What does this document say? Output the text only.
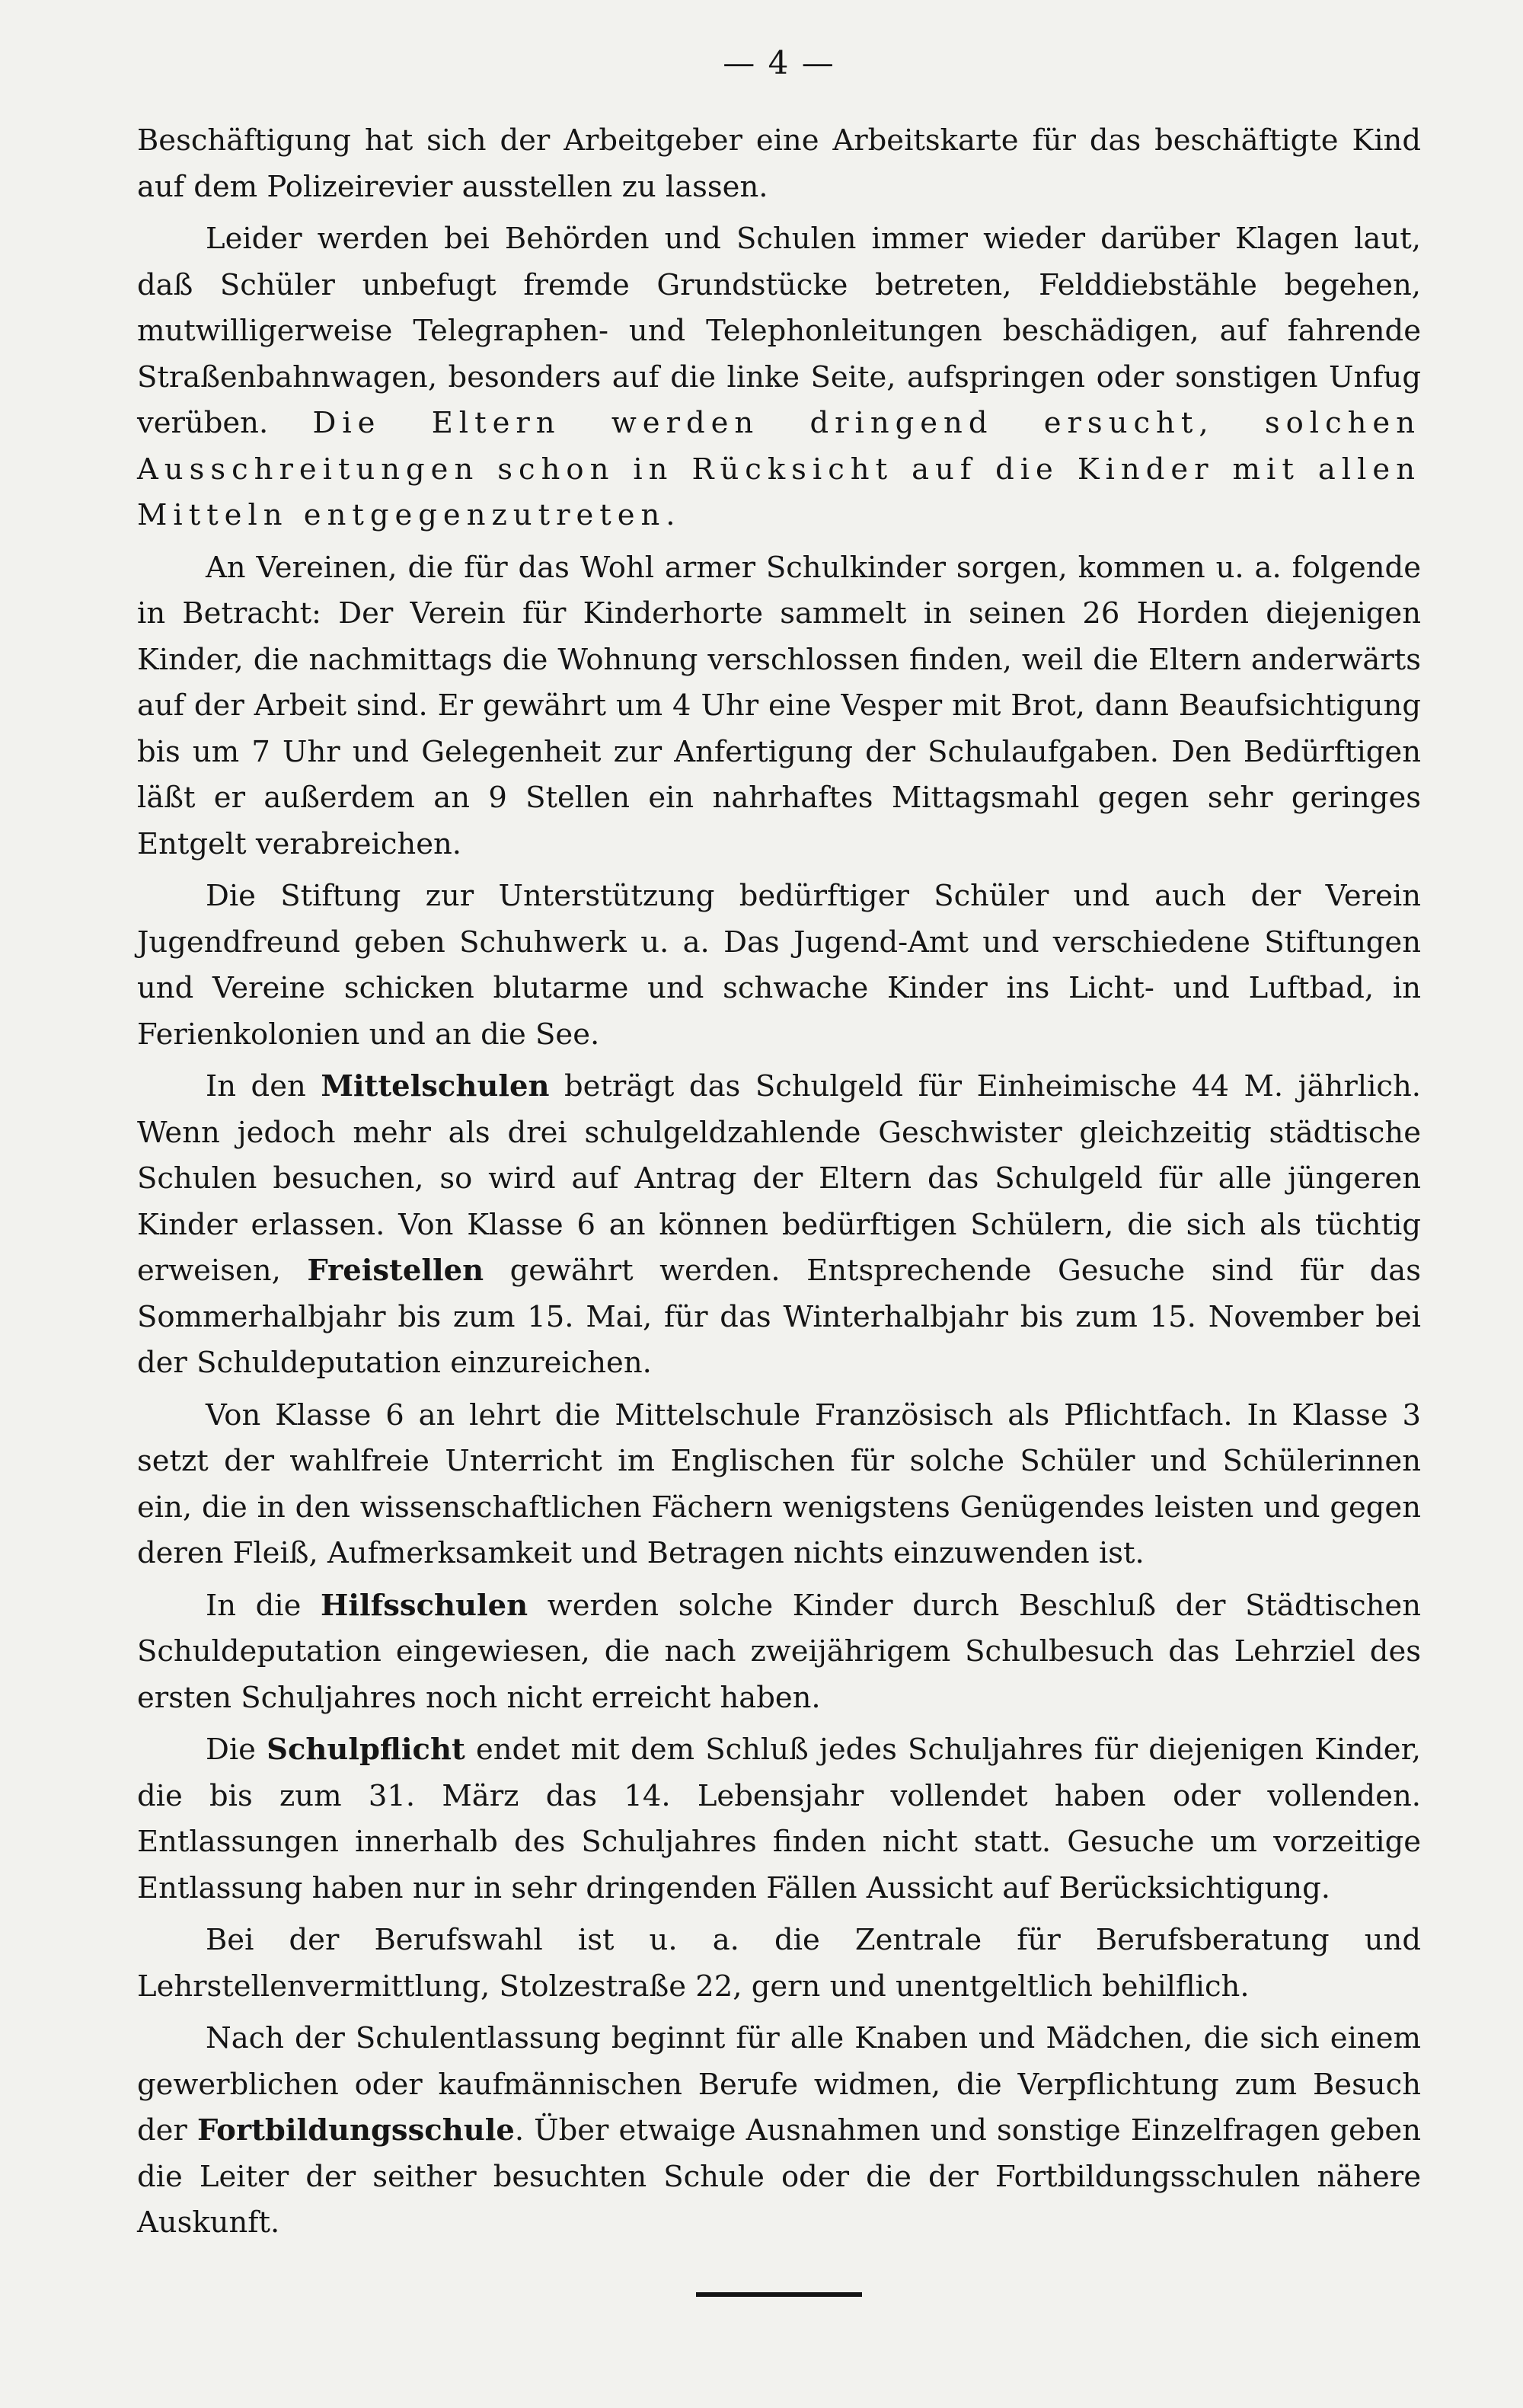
— 4 —

Beschäftigung hat sich der Arbeitgeber eine Arbeitskarte für das beschäftigte Kind auf dem Polizeirevier ausstellen zu lassen.

Leider werden bei Behörden und Schulen immer wieder darüber Klagen laut, daß Schüler unbefugt fremde Grundstücke betreten, Felddiebstähle begehen, mutwilligerweise Telegraphen- und Telephonleitungen beschädigen, auf fahrende Straßenbahnwagen, besonders auf die linke Seite, aufspringen oder sonstigen Unfug verüben. Die Eltern werden dringend ersucht, solchen Ausschreitungen schon in Rücksicht auf die Kinder mit allen Mitteln entgegenzutreten.

An Vereinen, die für das Wohl armer Schulkinder sorgen, kommen u. a. folgende in Betracht: Der Verein für Kinderhorte sammelt in seinen 26 Horden diejenigen Kinder, die nachmittags die Wohnung verschlossen finden, weil die Eltern anderwärts auf der Arbeit sind. Er gewährt um 4 Uhr eine Vesper mit Brot, dann Beaufsichtigung bis um 7 Uhr und Gelegenheit zur Anfertigung der Schulaufgaben. Den Bedürftigen läßt er außerdem an 9 Stellen ein nahrhaftes Mittagsmahl gegen sehr geringes Entgelt verabreichen.

Die Stiftung zur Unterstützung bedürftiger Schüler und auch der Verein Jugendfreund geben Schuhwerk u. a. Das Jugend-Amt und verschiedene Stiftungen und Vereine schicken blutarme und schwache Kinder ins Licht- und Luftbad, in Ferienkolonien und an die See.

In den Mittelschulen beträgt das Schulgeld für Einheimische 44 M. jährlich. Wenn jedoch mehr als drei schulgeldzahlende Geschwister gleichzeitig städtische Schulen besuchen, so wird auf Antrag der Eltern das Schulgeld für alle jüngeren Kinder erlassen. Von Klasse 6 an können bedürftigen Schülern, die sich als tüchtig erweisen, Freistellen gewährt werden. Entsprechende Gesuche sind für das Sommerhalbjahr bis zum 15. Mai, für das Winterhalbjahr bis zum 15. November bei der Schuldeputation einzureichen.

Von Klasse 6 an lehrt die Mittelschule Französisch als Pflichtfach. In Klasse 3 setzt der wahlfreie Unterricht im Englischen für solche Schüler und Schülerinnen ein, die in den wissenschaftlichen Fächern wenigstens Genügendes leisten und gegen deren Fleiß, Aufmerksamkeit und Betragen nichts einzuwenden ist.

In die Hilfsschulen werden solche Kinder durch Beschluß der Städtischen Schuldeputation eingewiesen, die nach zweijährigem Schulbesuch das Lehrziel des ersten Schuljahres noch nicht erreicht haben.

Die Schulpflicht endet mit dem Schluß jedes Schuljahres für diejenigen Kinder, die bis zum 31. März das 14. Lebensjahr vollendet haben oder vollenden. Entlassungen innerhalb des Schuljahres finden nicht statt. Gesuche um vorzeitige Entlassung haben nur in sehr dringenden Fällen Aussicht auf Berücksichtigung.

Bei der Berufswahl ist u. a. die Zentrale für Berufsberatung und Lehrstellenvermittlung, Stolzestraße 22, gern und unentgeltlich behilflich.

Nach der Schulentlassung beginnt für alle Knaben und Mädchen, die sich einem gewerblichen oder kaufmännischen Berufe widmen, die Verpflichtung zum Besuch der Fortbildungsschule. Über etwaige Ausnahmen und sonstige Einzelfragen geben die Leiter der seither besuchten Schule oder die der Fortbildungsschulen nähere Auskunft.
